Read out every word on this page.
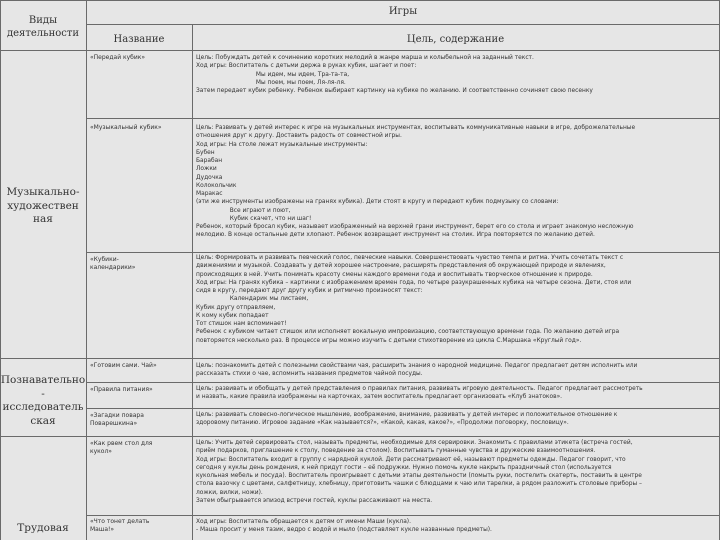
Виды
деятельности
Игры
Название	Цель, содержание
Музыкально-
художествен
ная
Познавательно
-
исследователь
ская
Трудовая
«Передай кубик»
«Музыкальный кубик»
«Кубики-
календарики»
«Готовим сами. Чай»
«Правила питания»
«Загадки повара
Поварешкина»
«Как рвем стол для
кукол»
«Что тонет делать
Маша!»
Цель: Побуждать детей к сочинению коротких мелодий в жанре марша и колыбельной на заданный текст.
Ход игры: Воспитатель с детьми держа в руках кубик, шагает и поет:
Мы идем, мы идем, Тра-та-та,
Мы поем, мы поем, Ля-ля-ля.
Затем передает кубик ребенку. Ребенок выбирает картинку на кубике по желанию. И соответственно сочиняет свою песенку
Цель: Развивать у детей интерес к игре на музыкальных инструментах, воспитывать коммуникативные навыки в игре, доброжелательные
отношения друг к другу. Доставить радость от совместной игры.
Ход игры: На столе лежат музыкальные инструменты:
Бубен
Барабан
Ложки
Дудочка
Колокольчик
Маракас
(эти же инструменты изображены на гранях кубика). Дети стоят в кругу и передают кубик подмузыку со словами:
Все играют и поют,
Кубик скачет, что ни шаг!
Ребенок, который бросал кубик, называет изображенный на верхней грани инструмент, берет его со стола и играет знакомую несложную
мелодию. В конце остальные дети хлопают. Ребенок возвращает инструмент на столик. Игра повторяется по желанию детей.
Цель: Формировать и развивать певческий голос, певческие навыки. Совершенствовать чувство темпа и ритма. Учить сочетать текст с
движениями и музыкой. Создавать у детей хорошее настроение, расширять представления об окружающей природе и явлениях,
происходящих в ней. Учить понимать красоту смены каждого времени года и воспитывать творческое отношение к природе.
Ход игры: На гранях кубика – картинки с изображением времен года, по четыре разукрашенных кубика на четыре сезона. Дети, стоя или
сидя в кругу, передают друг другу кубик и ритмично произносят текст:
Календарик мы листаем,
Кубик другу отправляем,
К кому кубик попадает
Тот стишок нам вспоминает!
Ребенок с кубиком читает стишок или исполняет вокальную импровизацию, соответствующую времени года. По желанию детей игра
повторяется несколько раз. В процессе игры можно изучить с детьми стихотворение из цикла С.Маршака «Круглый год».
Цель: познакомить детей с полезными свойствами чая, расширить знания о народной медицине. Педагог предлагает детям исполнить или
рассказать стихи о чае, вспомнить названия предметов чайной посуды.
Цель: развивать и обобщать у детей представления о правилах питания, развивать игровую деятельность. Педагог предлагает рассмотреть
и назвать, какие правила изображены на карточках, затем воспитатель предлагает организовать «Клуб знатоков».
Цель: развивать словесно-логическое мышление, воображение, внимание, развивать у детей интерес и положительное отношение к
здоровому питанию. Игровое задание «Как называется?», «Какой, какая, какое?», «Продолжи поговорку, пословицу».
Цель: Учить детей сервировать стол, называть предметы, необходимые для сервировки. Знакомить с правилами этикета (встреча гостей,
приём подарков, приглашение к столу, поведение за столом). Воспитывать гуманные чувства и дружеские взаимоотношения.
Ход игры: Воспитатель входит в группу с нарядной куклой. Дети рассматривают её, называют предметы одежды. Педагог говорит, что
сегодня у куклы день рождения, к ней придут гости – её подружки. Нужно помочь кукле накрыть праздничный стол (используется
кукольная мебель и посуда). Воспитатель проигрывает с детьми этапы деятельности (помыть руки, постелить скатерть, поставить в центре
стола вазочку с цветами, салфетницу, хлебницу, приготовить чашки с блюдцами к чаю или тарелки, а рядом разложить столовые приборы –
ложки, вилки, ножи).
Затем обыгрывается эпизод встречи гостей, куклы рассаживают на места.
Ход игры: Воспитатель обращается к детям от имени Маши (кукла).
- Маша просит у меня тазик, ведро с водой и мыло (подставляет кукле названные предметы).
